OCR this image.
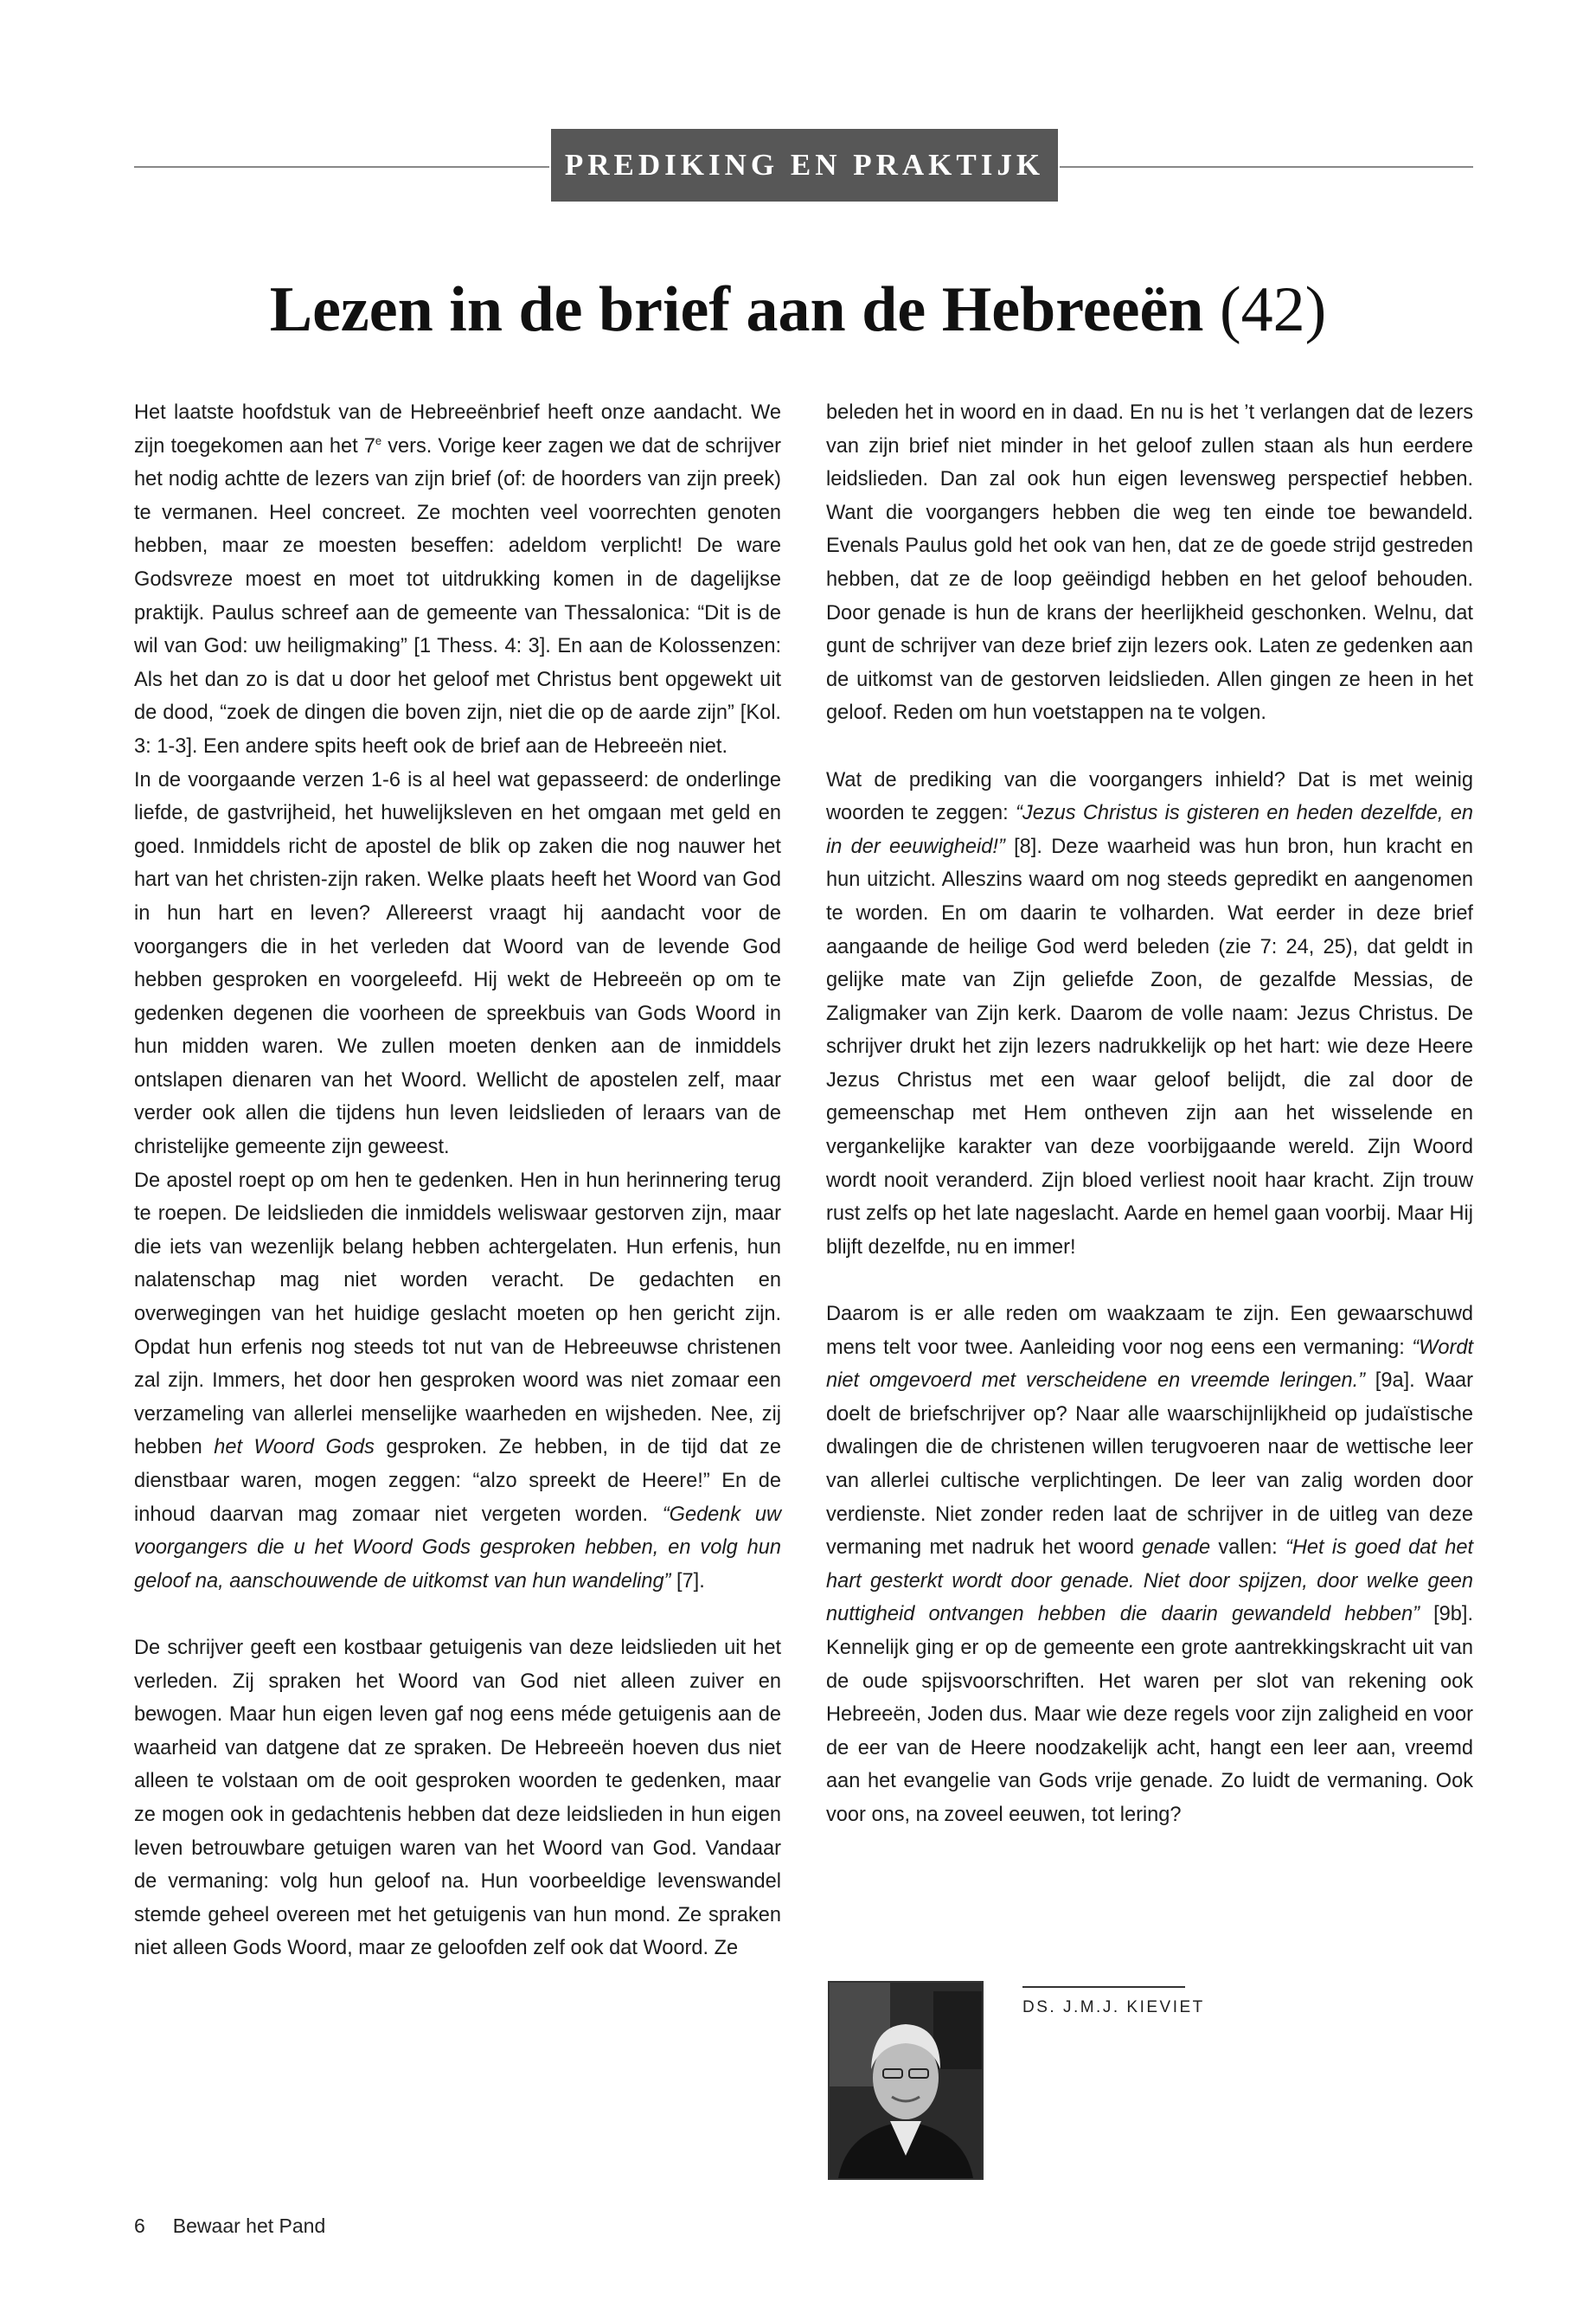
PREDIKING EN PRAKTIJK
Lezen in de brief aan de Hebreeën (42)

Het laatste hoofdstuk van de Hebreeënbrief heeft onze aandacht. We zijn toegekomen aan het 7e vers. Vorige keer zagen we dat de schrijver het nodig achtte de lezers van zijn brief (of: de hoorders van zijn preek) te vermanen. Heel concreet. Ze mochten veel voorrechten genoten hebben, maar ze moesten beseffen: adeldom verplicht! De ware Godsvreze moest en moet tot uitdrukking komen in de dagelijkse praktijk. Paulus schreef aan de gemeente van Thessalonica: “Dit is de wil van God: uw heiligmaking” [1 Thess. 4: 3]. En aan de Kolossenzen: Als het dan zo is dat u door het geloof met Christus bent opgewekt uit de dood, “zoek de dingen die boven zijn, niet die op de aarde zijn” [Kol. 3: 1-3]. Een andere spits heeft ook de brief aan de Hebreeën niet.

In de voorgaande verzen 1-6 is al heel wat gepasseerd: de onderlinge liefde, de gastvrijheid, het huwelijksleven en het omgaan met geld en goed. Inmiddels richt de apostel de blik op zaken die nog nauwer het hart van het christen-zijn raken. Welke plaats heeft het Woord van God in hun hart en leven? Allereerst vraagt hij aandacht voor de voorgangers die in het verleden dat Woord van de levende God hebben gesproken en voorgeleefd. Hij wekt de Hebreeën op om te gedenken degenen die voorheen de spreekbuis van Gods Woord in hun midden waren. We zullen moeten denken aan de inmiddels ontslapen dienaren van het Woord. Wellicht de apostelen zelf, maar verder ook allen die tijdens hun leven leidslieden of leraars van de christelijke gemeente zijn geweest.

De apostel roept op om hen te gedenken. Hen in hun herinnering terug te roepen. De leidslieden die inmiddels weliswaar gestorven zijn, maar die iets van wezenlijk belang hebben achtergelaten. Hun erfenis, hun nalatenschap mag niet worden veracht. De gedachten en overwegingen van het huidige geslacht moeten op hen gericht zijn. Opdat hun erfenis nog steeds tot nut van de Hebreeuwse christenen zal zijn. Immers, het door hen gesproken woord was niet zomaar een verzameling van allerlei menselijke waarheden en wijsheden. Nee, zij hebben het Woord Gods gesproken. Ze hebben, in de tijd dat ze dienstbaar waren, mogen zeggen: “alzo spreekt de Heere!” En de inhoud daarvan mag zomaar niet vergeten worden. “Gedenk uw voorgangers die u het Woord Gods gesproken hebben, en volg hun geloof na, aanschouwende de uitkomst van hun wandeling” [7].

De schrijver geeft een kostbaar getuigenis van deze leidslieden uit het verleden. Zij spraken het Woord van God niet alleen zuiver en bewogen. Maar hun eigen leven gaf nog eens méde getuigenis aan de waarheid van datgene dat ze spraken. De Hebreeën hoeven dus niet alleen te volstaan om de ooit gesproken woorden te gedenken, maar ze mogen ook in gedachtenis hebben dat deze leidslieden in hun eigen leven betrouwbare getuigen waren van het Woord van God. Vandaar de vermaning: volg hun geloof na. Hun voorbeeldige levenswandel stemde geheel overeen met het getuigenis van hun mond. Ze spraken niet alleen Gods Woord, maar ze geloofden zelf ook dat Woord. Ze

beleden het in woord en in daad. En nu is het ’t verlangen dat de lezers van zijn brief niet minder in het geloof zullen staan als hun eerdere leidslieden. Dan zal ook hun eigen levensweg perspectief hebben. Want die voorgangers hebben die weg ten einde toe bewandeld. Evenals Paulus gold het ook van hen, dat ze de goede strijd gestreden hebben, dat ze de loop geëindigd hebben en het geloof behouden. Door genade is hun de krans der heerlijkheid geschonken. Welnu, dat gunt de schrijver van deze brief zijn lezers ook. Laten ze gedenken aan de uitkomst van de gestorven leidslieden. Allen gingen ze heen in het geloof. Reden om hun voetstappen na te volgen.

Wat de prediking van die voorgangers inhield? Dat is met weinig woorden te zeggen: “Jezus Christus is gisteren en heden dezelfde, en in der eeuwigheid!” [8]. Deze waarheid was hun bron, hun kracht en hun uitzicht. Alleszins waard om nog steeds gepredikt en aangenomen te worden. En om daarin te volharden. Wat eerder in deze brief aangaande de heilige God werd beleden (zie 7: 24, 25), dat geldt in gelijke mate van Zijn geliefde Zoon, de gezalfde Messias, de Zaligmaker van Zijn kerk. Daarom de volle naam: Jezus Christus. De schrijver drukt het zijn lezers nadrukkelijk op het hart: wie deze Heere Jezus Christus met een waar geloof belijdt, die zal door de gemeenschap met Hem ontheven zijn aan het wisselende en vergankelijke karakter van deze voorbijgaande wereld. Zijn Woord wordt nooit veranderd. Zijn bloed verliest nooit haar kracht. Zijn trouw rust zelfs op het late nageslacht. Aarde en hemel gaan voorbij. Maar Hij blijft dezelfde, nu en immer!

Daarom is er alle reden om waakzaam te zijn. Een gewaarschuwd mens telt voor twee. Aanleiding voor nog eens een vermaning: “Wordt niet omgevoerd met verscheidene en vreemde leringen.” [9a]. Waar doelt de briefschrijver op? Naar alle waarschijnlijkheid op judaïstische dwalingen die de christenen willen terugvoeren naar de wettische leer van allerlei cultische verplichtingen. De leer van zalig worden door verdienste. Niet zonder reden laat de schrijver in de uitleg van deze vermaning met nadruk het woord genade vallen: “Het is goed dat het hart gesterkt wordt door genade. Niet door spijzen, door welke geen nuttigheid ontvangen hebben die daarin gewandeld hebben” [9b]. Kennelijk ging er op de gemeente een grote aantrekkingskracht uit van de oude spijsvoorschriften. Het waren per slot van rekening ook Hebreeën, Joden dus. Maar wie deze regels voor zijn zaligheid en voor de eer van de Heere noodzakelijk acht, hangt een leer aan, vreemd aan het evangelie van Gods vrije genade. Zo luidt de vermaning. Ook voor ons, na zoveel eeuwen, tot lering?

DS. J.M.J. KIEVIET
6 Bewaar het Pand
